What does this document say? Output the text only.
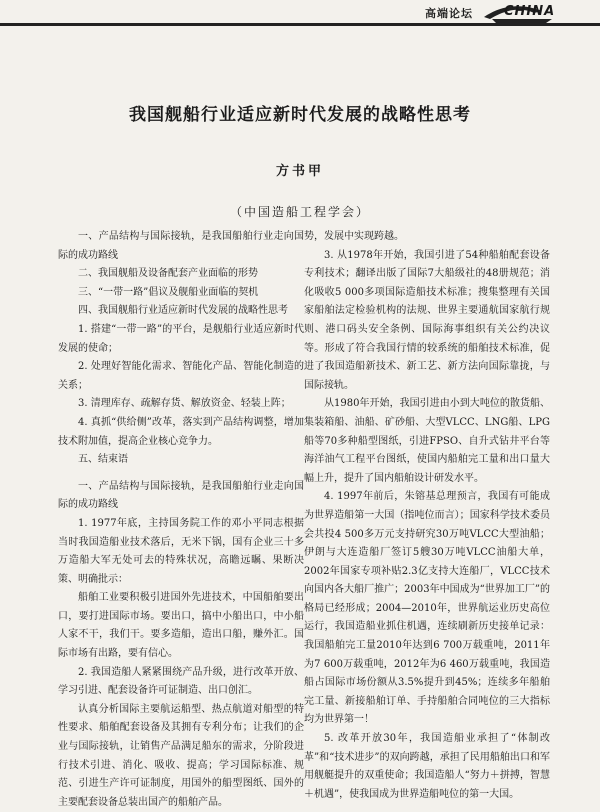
高端论坛 CHINA
我国舰船行业适应新时代发展的战略性思考
方书甲
（中国造船工程学会）

一、产品结构与国际接轨，是我国船舶行业走向国际的成功路线

二、我国舰船及设备配套产业面临的形势

三、“一带一路”倡议及舰船业面临的契机

四、我国舰船行业适应新时代发展的战略性思考

1. 搭建“一带一路”的平台，是舰船行业适应新时代发展的使命；

2. 处理好智能化需求、智能化产品、智能化制造的关系；

3. 清理库存、疏解存货、解放资金、轻装上阵；

4. 真抓“供给侧”改革，落实到产品结构调整，增加技术附加值，提高企业核心竞争力。

五、结束语

一、产品结构与国际接轨，是我国船舶行业走向国际的成功路线

1. 1977年底，主持国务院工作的邓小平同志根据当时我国造船业技术落后，无米下锅，国有企业三十多万造船大军无处可去的特殊状况，高瞻远瞩、果断决策、明确批示：

船舶工业要积极引进国外先进技术，中国船舶要出口，要打进国际市场。要出口，搞中小船出口，中小船人家不干，我们干。要多造船，造出口船，赚外汇。国际市场有出路，要有信心。

2. 我国造船人紧紧围绕产品升级，进行改革开放、学习引进、配套设备许可证制造、出口创汇。

认真分析国际主要航运船型、热点航道对船型的特性要求、船舶配套设备及其拥有专利分布；让我们的企业与国际接轨，让销售产品满足船东的需求，分阶段进行技术引进、消化、吸收、提高；学习国际标准、规范、引进生产许可证制度，用国外的船型图纸、国外的主要配套设备总装出国产的船舶产品。

势，发展中实现跨越。

3. 从1978年开始，我国引进了54种船舶配套设备专利技术；翻译出版了国际7大船级社的48册规范；消化吸收5 000多项国际造船技术标准；搜集整理有关国家船舶法定检验机构的法规、世界主要通航国家航行规则、港口码头安全条例、国际海事组织有关公约决议等。形成了符合我国行情的较系统的船舶技术标准，促进了我国造船新技术、新工艺、新方法向国际靠拢，与国际接轨。

从1980年开始，我国引进由小到大吨位的散货船、集装箱船、油船、矿砂船、大型VLCC、LNG船、LPG船等70多种船型图纸，引进FPSO、自升式钻井平台等海洋油气工程平台图纸，使国内船舶完工量和出口量大幅上升，提升了国内船舶设计研发水平。

4. 1997年前后，朱镕基总理预言，我国有可能成为世界造船第一大国（指吨位而言）；国家科学技术委员会共投4 500多万元支持研究30万吨VLCC大型油船；伊朗与大连造船厂签订5艘30万吨VLCC油船大单，2002年国家专项补贴2.3亿支持大连船厂，VLCC技术向国内各大船厂推广；2003年中国成为“世界加工厂”的格局已经形成；2004—2010年，世界航运业历史高位运行，我国造船业抓住机遇，连续刷新历史接单记录：我国船舶完工量2010年达到6 700万载重吨，2011年为7 600万载重吨，2012年为6 460万载重吨，我国造船占国际市场份额从3.5%提升到45%；连续多年船舶完工量、新接船舶订单、手持船舶合同吨位的三大指标均为世界第一！

5. 改革开放30年，我国造船业承担了“体制改革”和“技术进步”的双向跨越，承担了民用船舶出口和军用舰艇提升的双重使命；我国造船人“努力＋拼搏，智慧＋机遇”，使我国成为世界造船吨位的第一大国。
